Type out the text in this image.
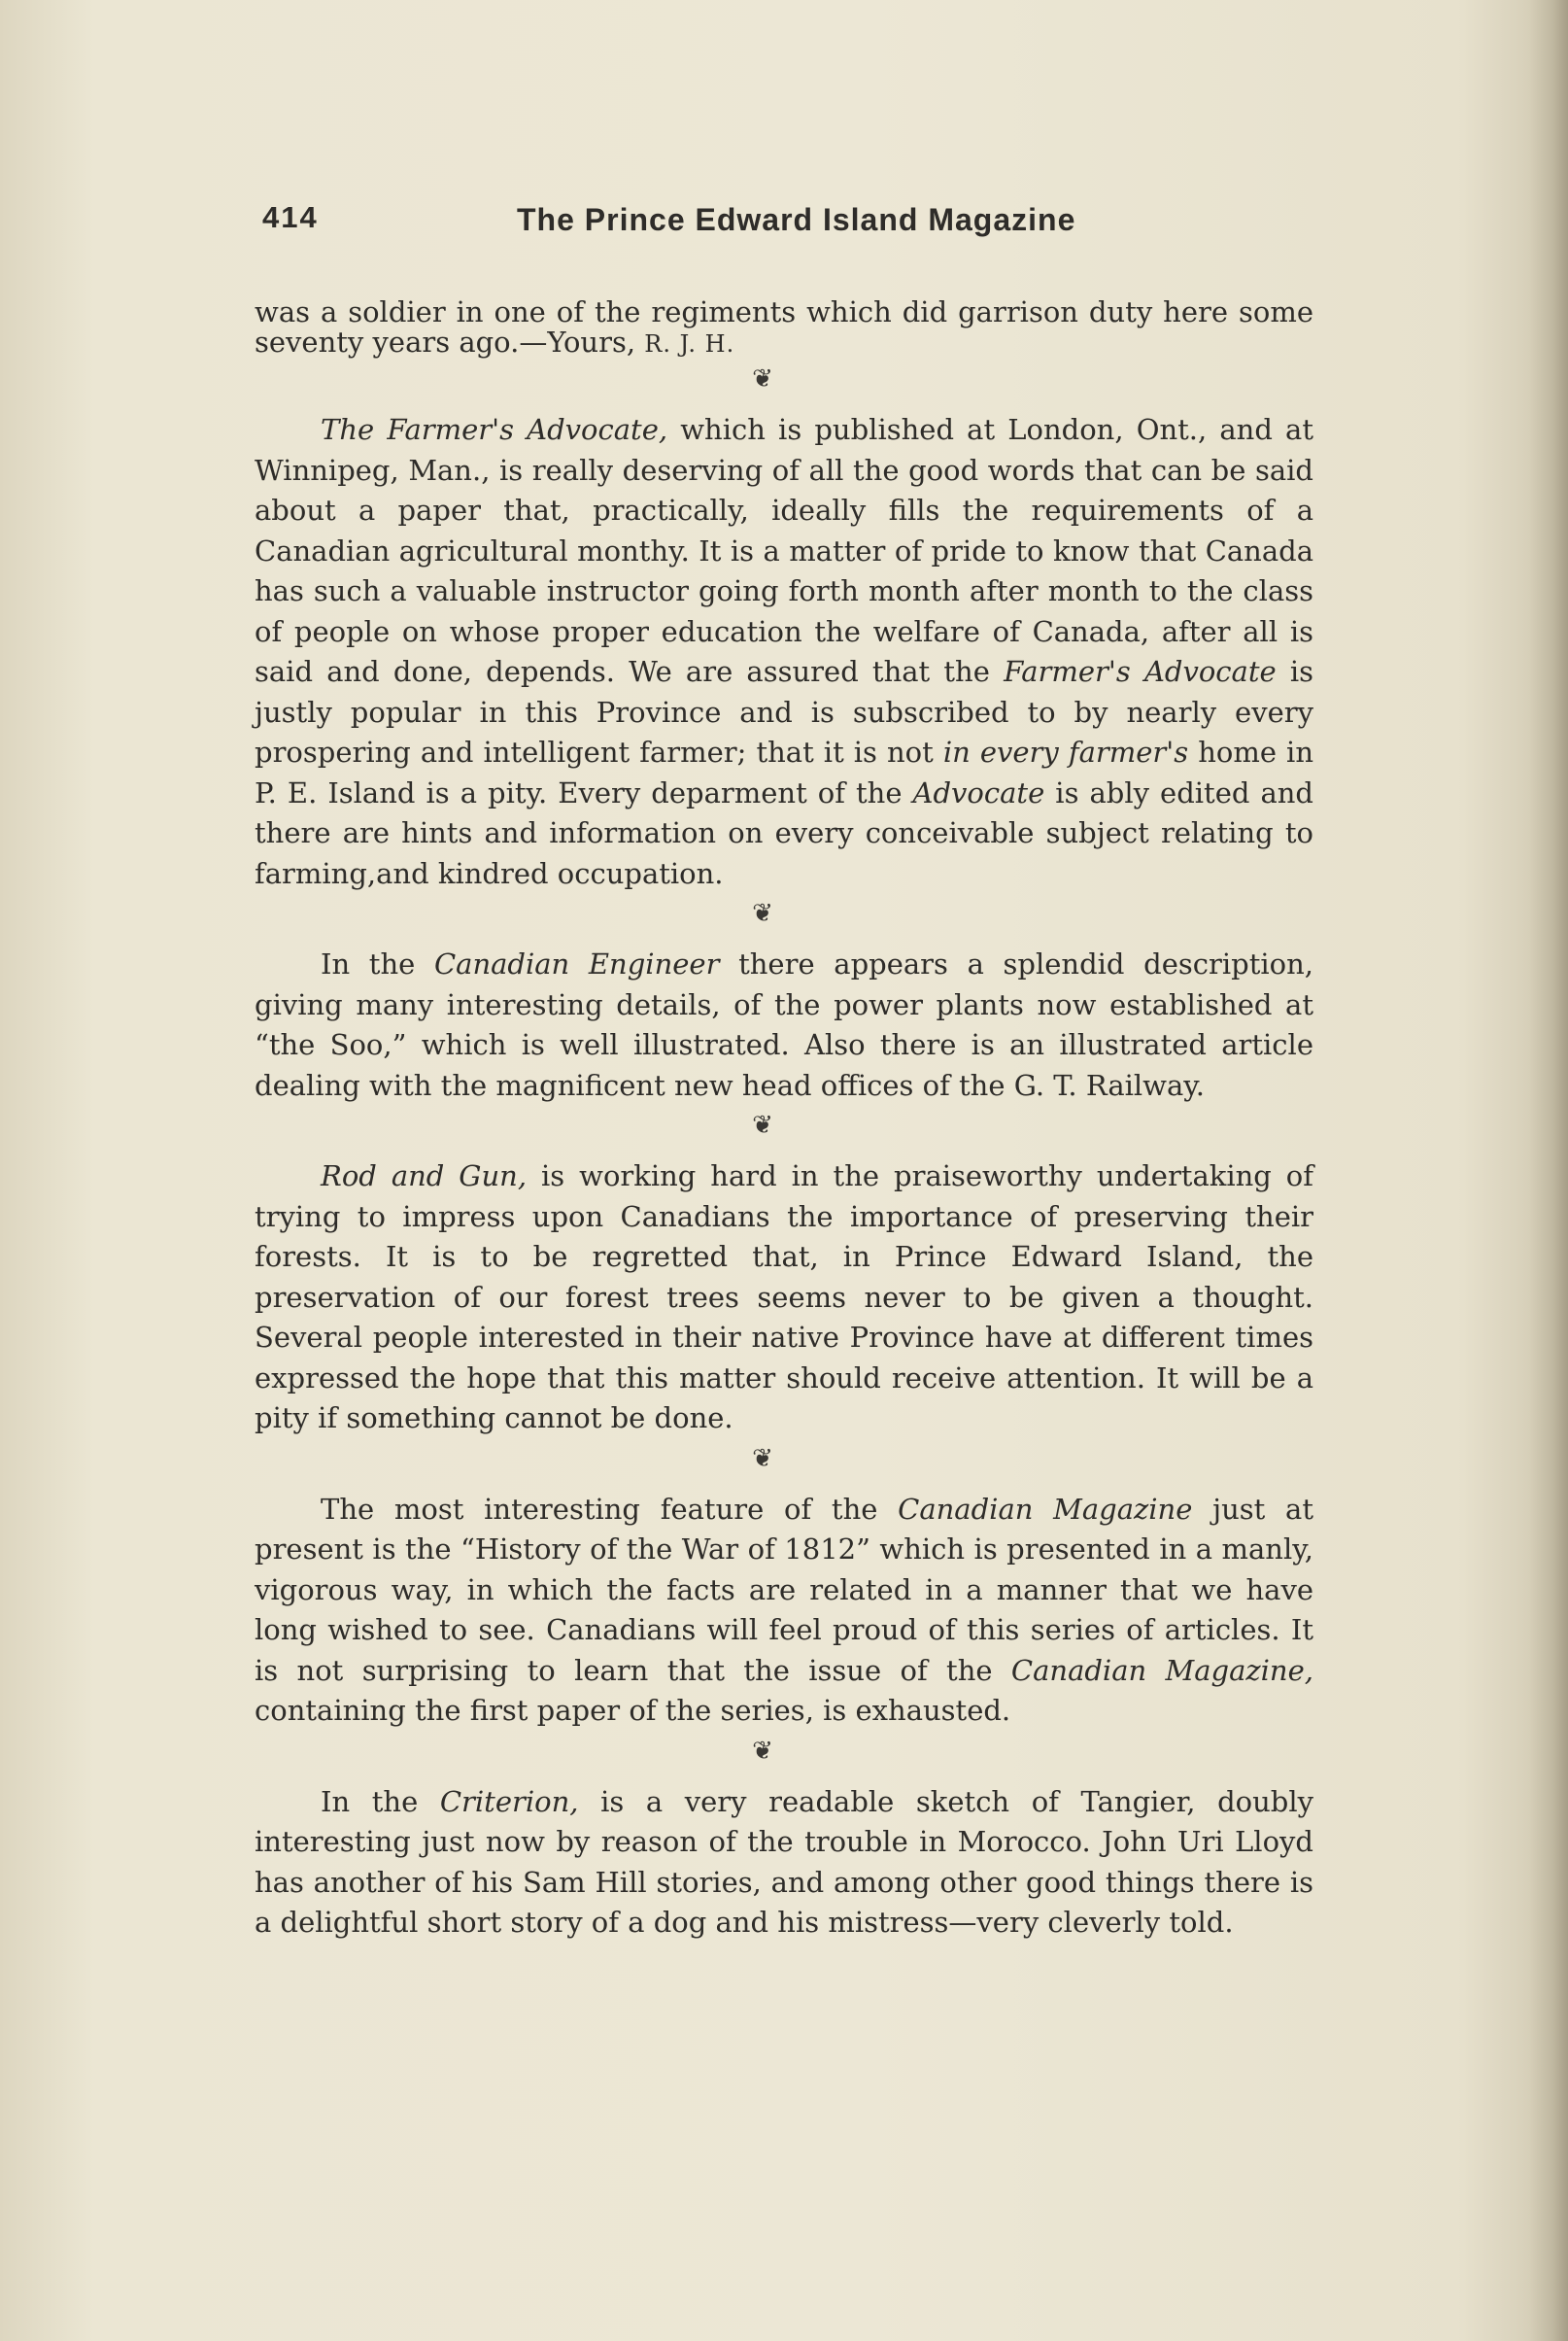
414	The Prince Edward Island Magazine

was a soldier in one of the regiments which did garrison duty here some seventy years ago.—Yours, R. J. H.

❦

The Farmer's Advocate, which is published at London, Ont., and at Winnipeg, Man., is really deserving of all the good words that can be said about a paper that, practically, ideally fills the requirements of a Canadian agricultural monthy. It is a matter of pride to know that Canada has such a valuable instructor going forth month after month to the class of people on whose proper education the welfare of Canada, after all is said and done, depends. We are assured that the Farmer's Advocate is justly popular in this Province and is subscribed to by nearly every prospering and intelligent farmer; that it is not in every farmer's home in P. E. Island is a pity. Every deparment of the Advocate is ably edited and there are hints and information on every conceivable subject relating to farming,and kindred occupation.

❦

In the Canadian Engineer there appears a splendid description, giving many interesting details, of the power plants now established at “the Soo,” which is well illustrated. Also there is an illustrated article dealing with the magnificent new head offices of the G. T. Railway.

❦

Rod and Gun, is working hard in the praiseworthy undertaking of trying to impress upon Canadians the importance of preserving their forests. It is to be regretted that, in Prince Edward Island, the preservation of our forest trees seems never to be given a thought. Several people interested in their native Province have at different times expressed the hope that this matter should receive attention. It will be a pity if something cannot be done.

❦

The most interesting feature of the Canadian Magazine just at present is the “History of the War of 1812” which is presented in a manly, vigorous way, in which the facts are related in a manner that we have long wished to see. Canadians will feel proud of this series of articles. It is not surprising to learn that the issue of the Canadian Magazine, containing the first paper of the series, is exhausted.

❦

In the Criterion, is a very readable sketch of Tangier, doubly interesting just now by reason of the trouble in Morocco. John Uri Lloyd has another of his Sam Hill stories, and among other good things there is a delightful short story of a dog and his mistress—very cleverly told.
